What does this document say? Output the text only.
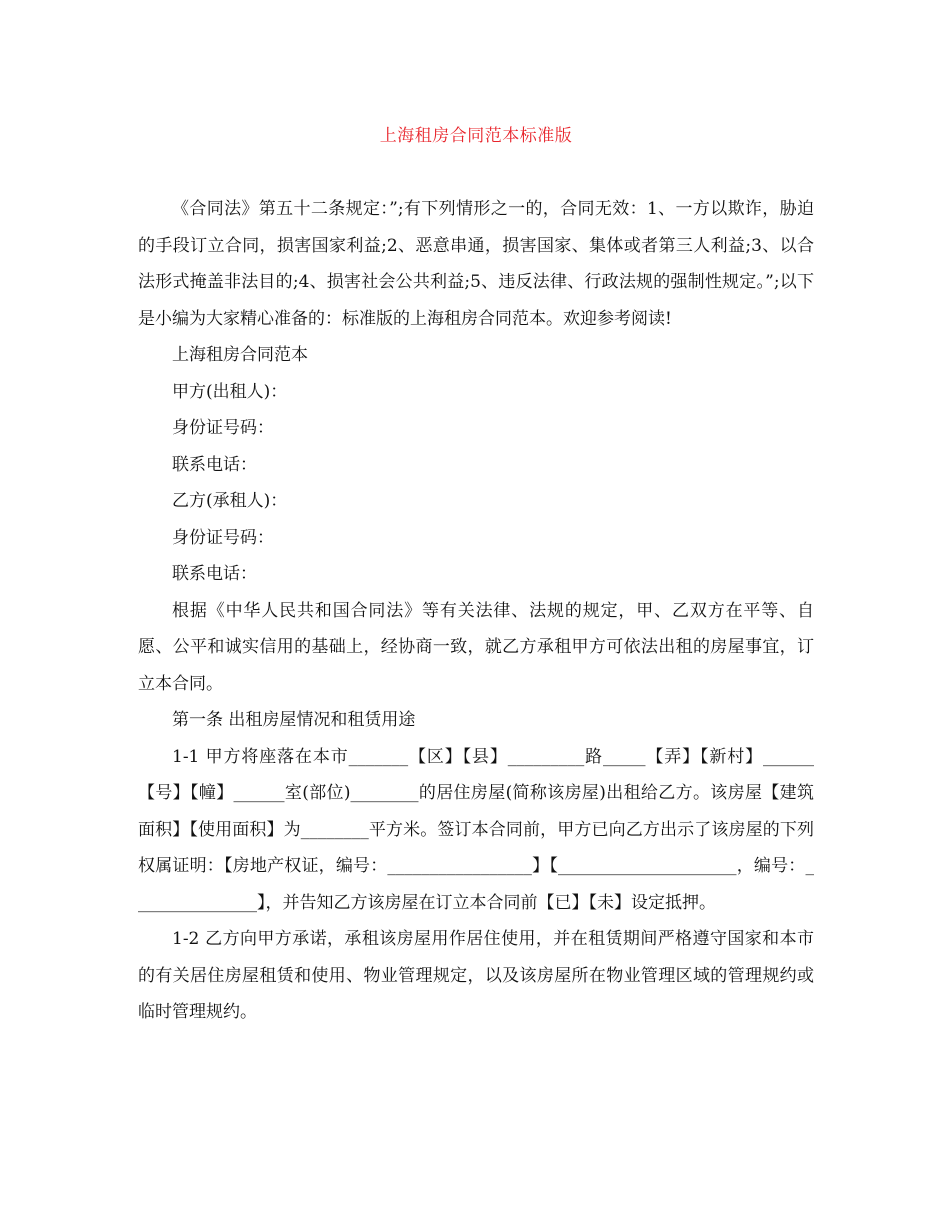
上海租房合同范本标准版

《合同法》第五十二条规定：”;有下列情形之一的，合同无效：1、一方以欺诈，胁迫的手段订立合同，损害国家利益;2、恶意串通，损害国家、集体或者第三人利益;3、以合法形式掩盖非法目的;4、损害社会公共利益;5、违反法律、行政法规的强制性规定。”;以下是小编为大家精心准备的：标准版的上海租房合同范本。欢迎参考阅读!

上海租房合同范本

甲方(出租人)：

身份证号码：

联系电话：

乙方(承租人)：

身份证号码：

联系电话：

根据《中华人民共和国合同法》等有关法律、法规的规定，甲、乙双方在平等、自愿、公平和诚实信用的基础上，经协商一致，就乙方承租甲方可依法出租的房屋事宜，订立本合同。

第一条 出租房屋情况和租赁用途

1-1 甲方将座落在本市_______【区】【县】_________路_____【弄】【新村】______【号】【幢】______室(部位)________的居住房屋(简称该房屋)出租给乙方。该房屋【建筑面积】【使用面积】为________平方米。签订本合同前，甲方已向乙方出示了该房屋的下列权属证明：【房地产权证，编号：_________________】【_____________________，编号：_______________】，并告知乙方该房屋在订立本合同前【已】【未】设定抵押。

1-2 乙方向甲方承诺，承租该房屋用作居住使用，并在租赁期间严格遵守国家和本市的有关居住房屋租赁和使用、物业管理规定，以及该房屋所在物业管理区域的管理规约或临时管理规约。
